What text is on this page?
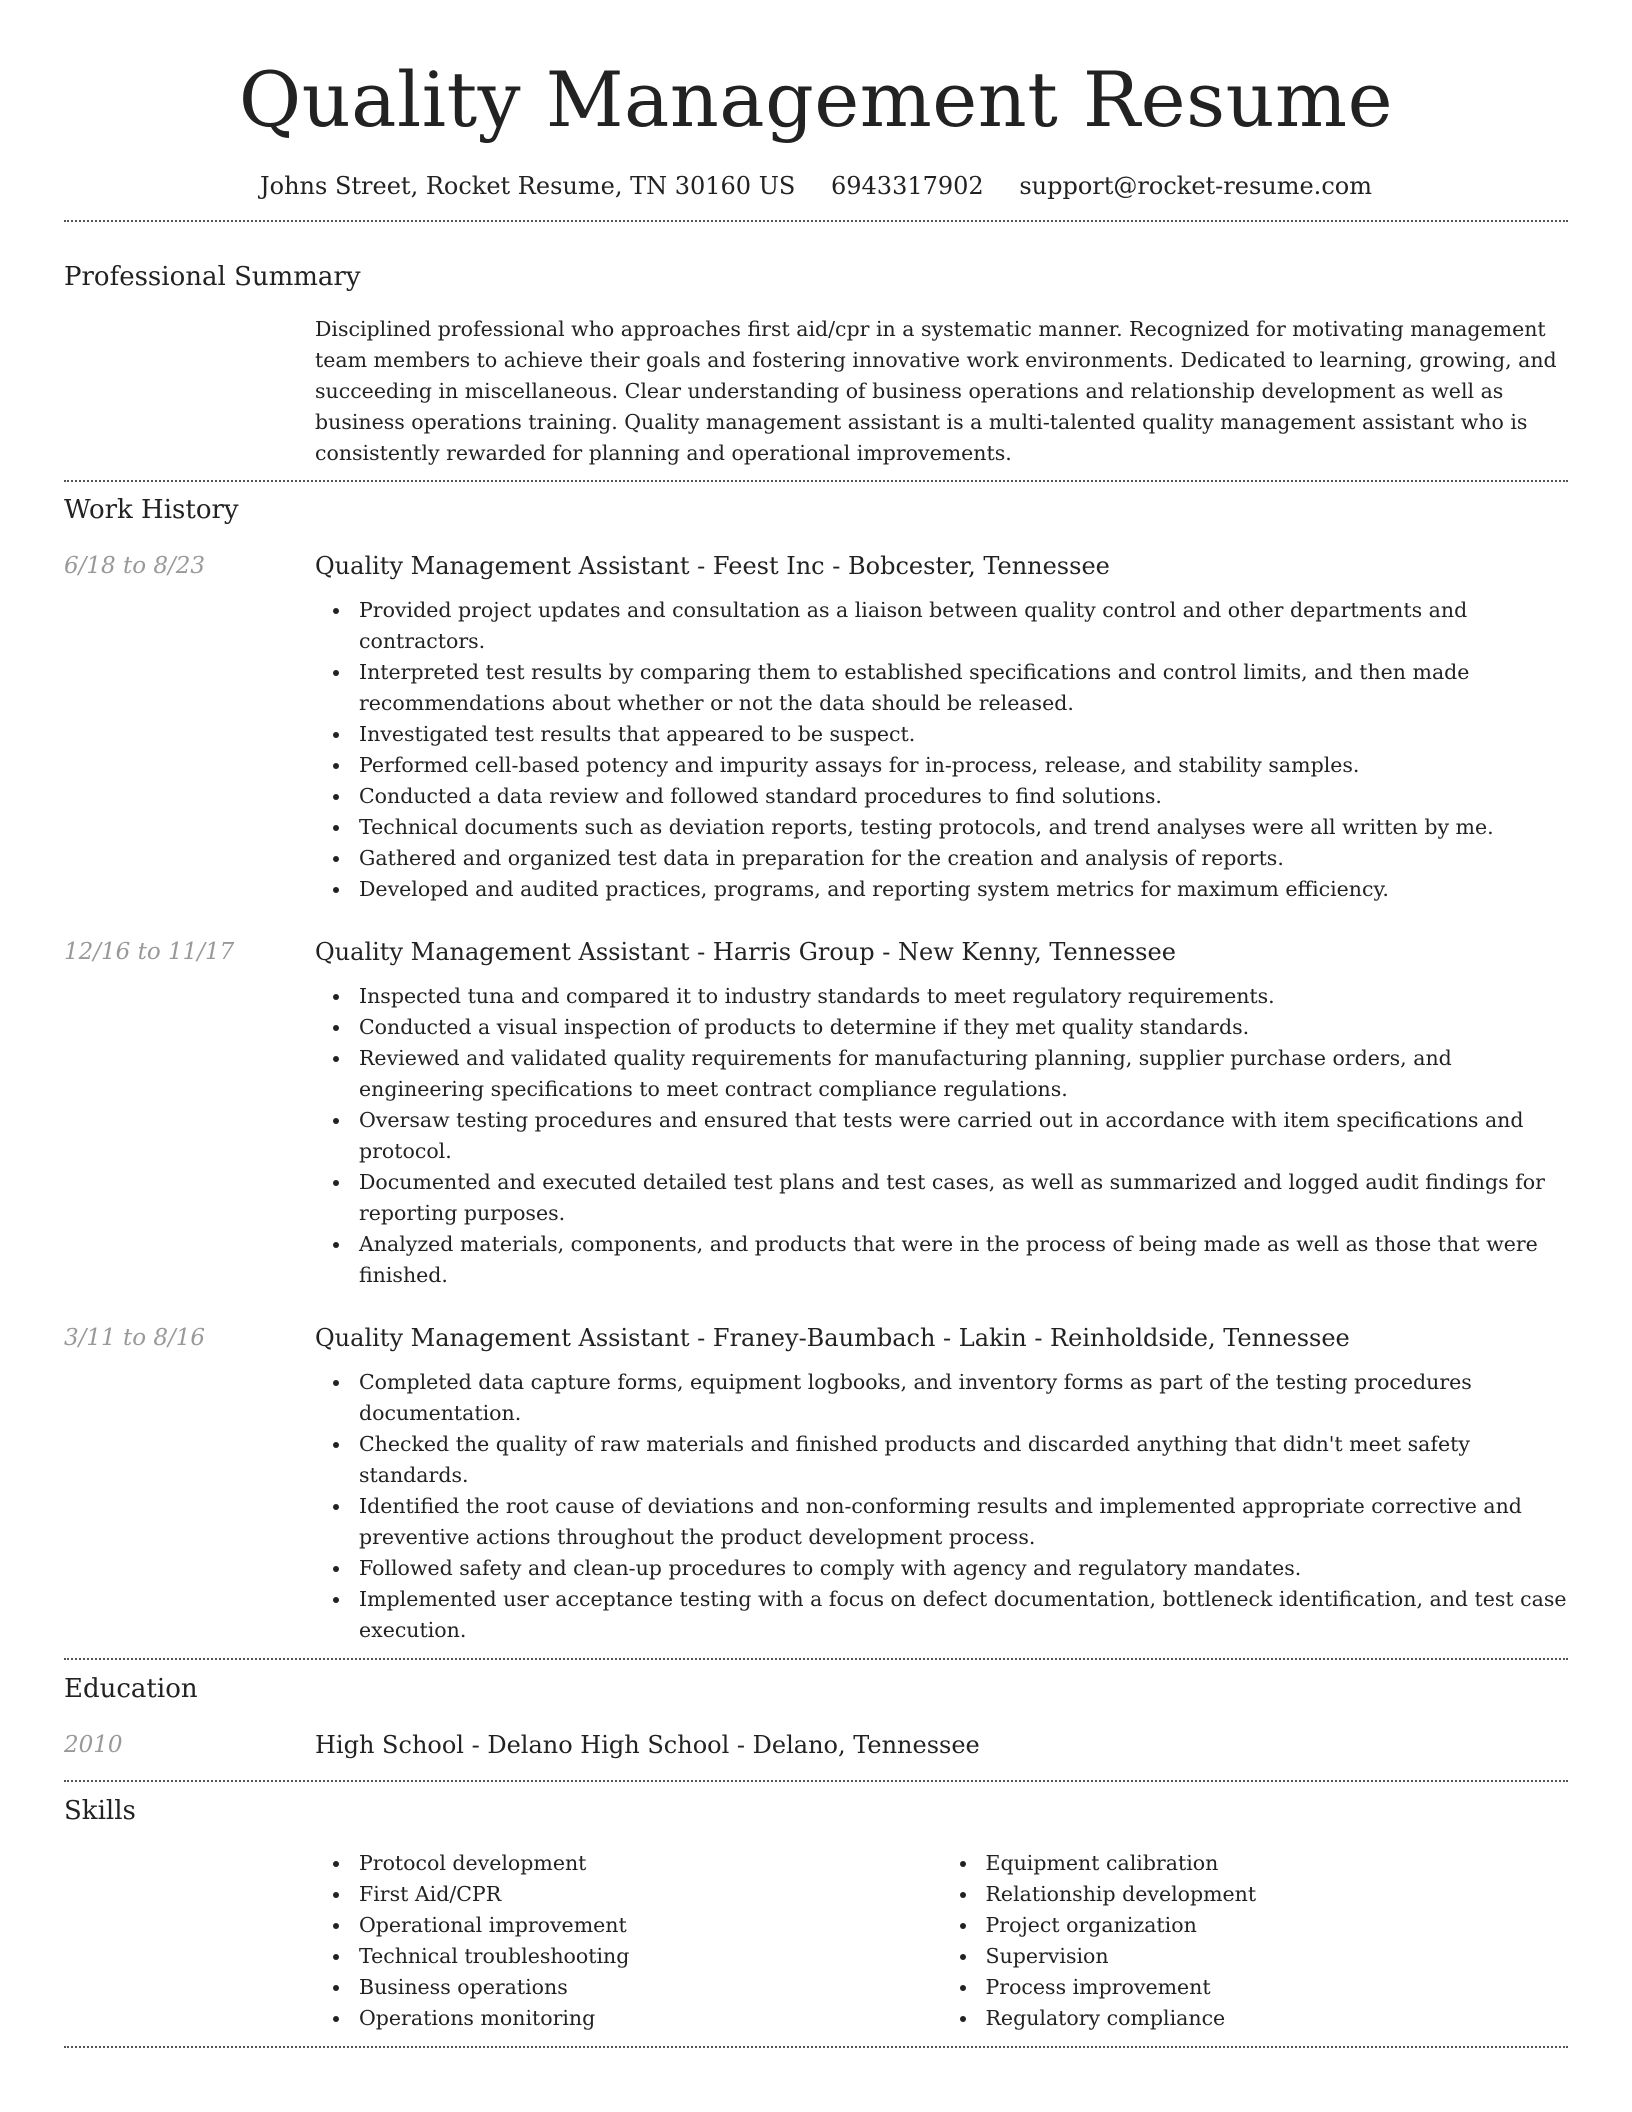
Quality Management Resume
Johns Street, Rocket Resume, TN 30160 US 6943317902 support@rocket-resume.com
Professional Summary

Disciplined professional who approaches first aid/cpr in a systematic manner. Recognized for motivating management team members to achieve their goals and fostering innovative work environments. Dedicated to learning, growing, and succeeding in miscellaneous. Clear understanding of business operations and relationship development as well as business operations training. Quality management assistant is a multi-talented quality management assistant who is consistently rewarded for planning and operational improvements.

Work History
6/18 to 8/23	Quality Management Assistant - Feest Inc - Bobcester, Tennessee
Provided project updates and consultation as a liaison between quality control and other departments and contractors.
Interpreted test results by comparing them to established specifications and control limits, and then made recommendations about whether or not the data should be released.
Investigated test results that appeared to be suspect.
Performed cell-based potency and impurity assays for in-process, release, and stability samples.
Conducted a data review and followed standard procedures to find solutions.
Technical documents such as deviation reports, testing protocols, and trend analyses were all written by me.
Gathered and organized test data in preparation for the creation and analysis of reports.
Developed and audited practices, programs, and reporting system metrics for maximum efficiency.
12/16 to 11/17	Quality Management Assistant - Harris Group - New Kenny, Tennessee
Inspected tuna and compared it to industry standards to meet regulatory requirements.
Conducted a visual inspection of products to determine if they met quality standards.
Reviewed and validated quality requirements for manufacturing planning, supplier purchase orders, and engineering specifications to meet contract compliance regulations.
Oversaw testing procedures and ensured that tests were carried out in accordance with item specifications and protocol.
Documented and executed detailed test plans and test cases, as well as summarized and logged audit findings for reporting purposes.
Analyzed materials, components, and products that were in the process of being made as well as those that were finished.
3/11 to 8/16	Quality Management Assistant - Franey-Baumbach - Lakin - Reinholdside, Tennessee
Completed data capture forms, equipment logbooks, and inventory forms as part of the testing procedures documentation.
Checked the quality of raw materials and finished products and discarded anything that didn't meet safety standards.
Identified the root cause of deviations and non-conforming results and implemented appropriate corrective and preventive actions throughout the product development process.
Followed safety and clean-up procedures to comply with agency and regulatory mandates.
Implemented user acceptance testing with a focus on defect documentation, bottleneck identification, and test case execution.
Education
2010	High School - Delano High School - Delano, Tennessee
Skills
Protocol development
First Aid/CPR
Operational improvement
Technical troubleshooting
Business operations
Operations monitoring
Equipment calibration
Relationship development
Project organization
Supervision
Process improvement
Regulatory compliance
